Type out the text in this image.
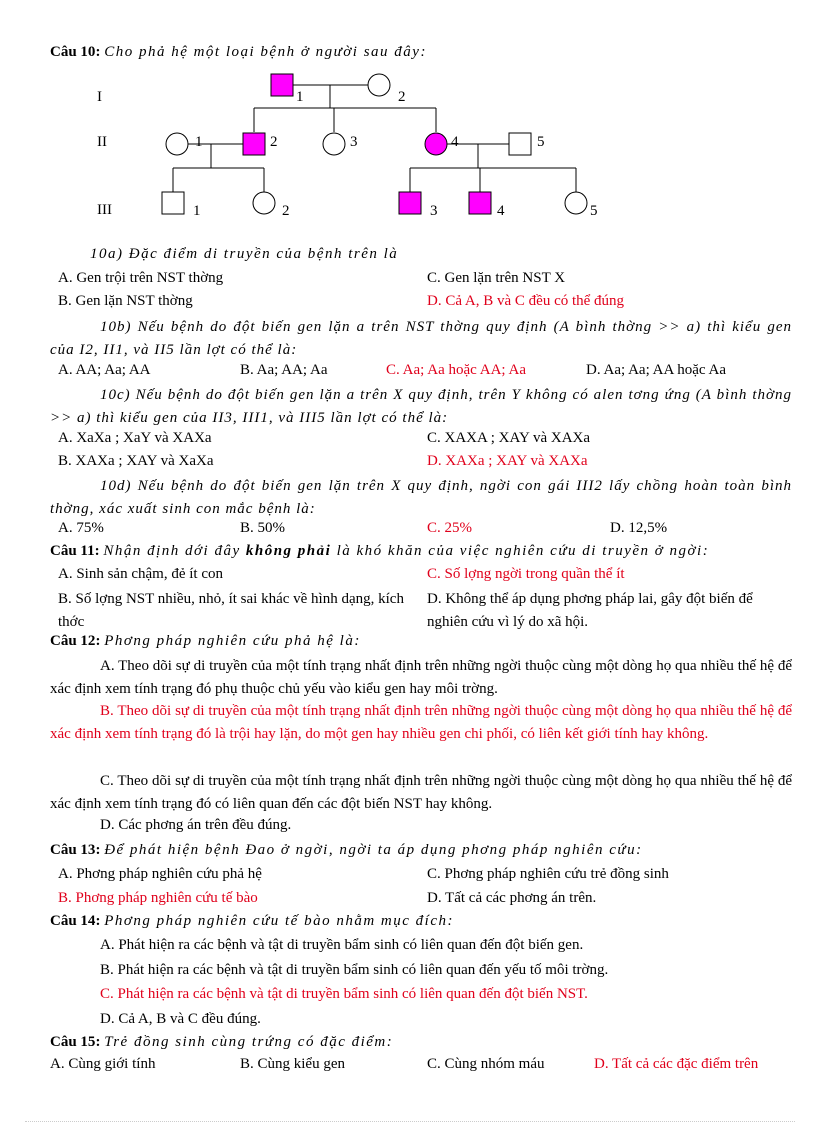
Câu 10: Cho phả hệ một loại bệnh ở người sau đây:
I
II
III
1	2
1	2	3	4	5
1	2	3	4	5
10a) Đặc điểm di truyền của bệnh trên là
A. Gen trội trên NST thờng	C. Gen lặn trên NST X
B. Gen lặn NST thờng	D. Cả A, B và C đều có thể đúng
10b) Nếu bệnh do đột biến gen lặn a trên NST thờng quy định (A bình thờng >> a) thì kiểu gen của I2, II1, và II5 lần lợt có thể là:
A. AA; Aa; AA	B. Aa; AA; Aa	C. Aa; Aa hoặc AA; Aa	D. Aa; Aa; AA hoặc Aa
10c) Nếu bệnh do đột biến gen lặn a trên X quy định, trên Y không có alen tơng ứng (A bình thờng >> a) thì kiểu gen của II3, III1, và III5 lần lợt có thể là:
A. XaXa ; XaY và XAXa	C. XAXA ; XAY và XAXa
B. XAXa ; XAY và XaXa	D. XAXa ; XAY và XAXa
10d) Nếu bệnh do đột biến gen lặn trên X quy định, ngời con gái III2 lấy chồng hoàn toàn bình thờng, xác xuất sinh con mắc bệnh là:
A. 75%	B. 50%	C. 25%	D. 12,5%
Câu 11: Nhận định dới đây không phải là khó khăn của việc nghiên cứu di truyền ở ngời:
A. Sinh sản chậm, đẻ ít con	C. Số lợng ngời trong quần thể ít
B. Số lợng NST nhiều, nhỏ, ít sai khác về hình dạng, kích thớc
D. Không thể áp dụng phơng pháp lai, gây đột biến để nghiên cứu vì lý do xã hội.
Câu 12: Phơng pháp nghiên cứu phả hệ là:
A. Theo dõi sự di truyền của một tính trạng nhất định trên những ngời thuộc cùng một dòng họ qua nhiều thế hệ để xác định xem tính trạng đó phụ thuộc chủ yếu vào kiểu gen hay môi trờng.
B. Theo dõi sự di truyền của một tính trạng nhất định trên những ngời thuộc cùng một dòng họ qua nhiều thế hệ để xác định xem tính trạng đó là trội hay lặn, do một gen hay nhiều gen chi phối, có liên kết giới tính hay không.
C. Theo dõi sự di truyền của một tính trạng nhất định trên những ngời thuộc cùng một dòng họ qua nhiều thế hệ để xác định xem tính trạng đó có liên quan đến các đột biến NST hay không.
D. Các phơng án trên đều đúng.
Câu 13: Để phát hiện bệnh Đao ở ngời, ngời ta áp dụng phơng pháp nghiên cứu:
A. Phơng pháp nghiên cứu phả hệ	C. Phơng pháp nghiên cứu trẻ đồng sinh
B. Phơng pháp nghiên cứu tế bào	D. Tất cả các phơng án trên.
Câu 14: Phơng pháp nghiên cứu tế bào nhằm mục đích:
A. Phát hiện ra các bệnh và tật di truyền bẩm sinh có liên quan đến đột biến gen.
B. Phát hiện ra các bệnh và tật di truyền bẩm sinh có liên quan đến yếu tố môi trờng.
C. Phát hiện ra các bệnh và tật di truyền bẩm sinh có liên quan đến đột biến NST.
D. Cả A, B và C đều đúng.
Câu 15: Trẻ đồng sinh cùng trứng có đặc điểm:
A. Cùng giới tính	B. Cùng kiểu gen	C. Cùng nhóm máu	D. Tất cả các đặc điểm trên
